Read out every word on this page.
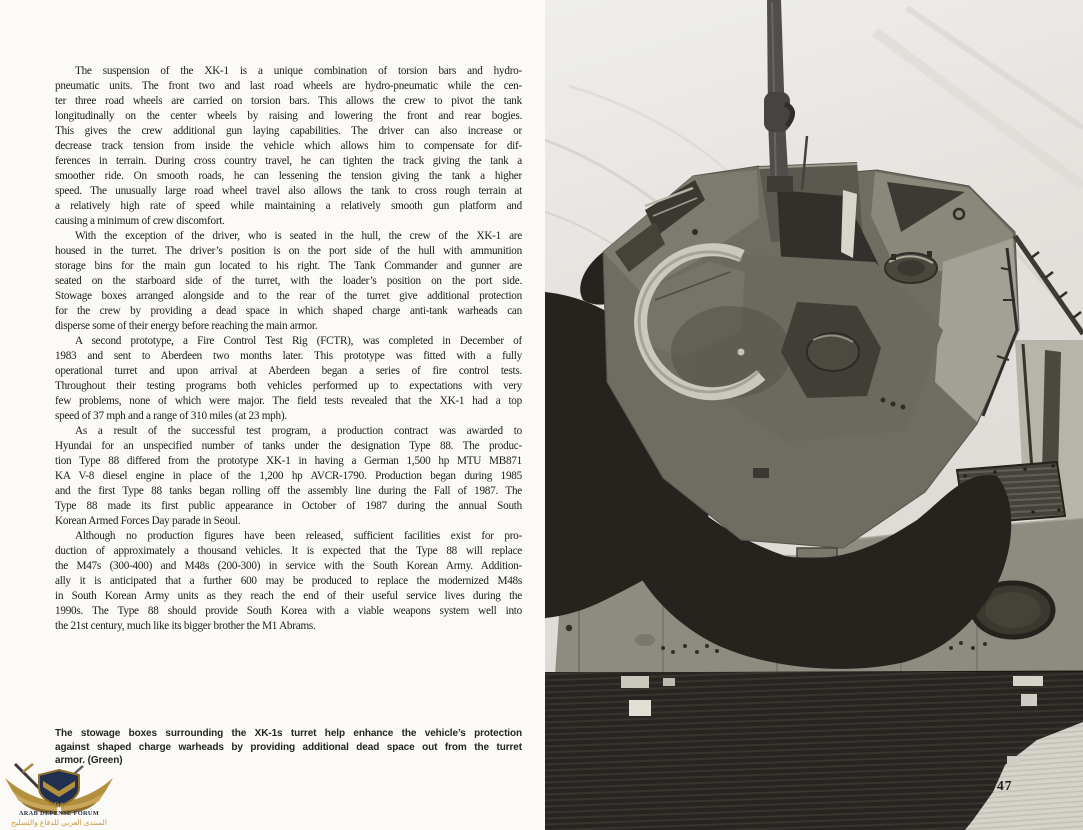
The suspension of the XK-1 is a unique combination of torsion bars and hydro-
pneumatic units. The front two and last road wheels are hydro-pneumatic while the cen-
ter three road wheels are carried on torsion bars. This allows the crew to pivot the tank
longitudinally on the center wheels by raising and lowering the front and rear bogies.
This gives the crew additional gun laying capabilities. The driver can also increase or
decrease track tension from inside the vehicle which allows him to compensate for dif-
ferences in terrain. During cross country travel, he can tighten the track giving the tank a
smoother ride. On smooth roads, he can lessening the tension giving the tank a higher
speed. The unusually large road wheel travel also allows the tank to cross rough terrain at
a relatively high rate of speed while maintaining a relatively smooth gun platform and
causing a minimum of crew discomfort.
With the exception of the driver, who is seated in the hull, the crew of the XK-1 are
housed in the turret. The driver’s position is on the port side of the hull with ammunition
storage bins for the main gun located to his right. The Tank Commander and gunner are
seated on the starboard side of the turret, with the loader’s position on the port side.
Stowage boxes arranged alongside and to the rear of the turret give additional protection
for the crew by providing a dead space in which shaped charge anti-tank warheads can
disperse some of their energy before reaching the main armor.
A second prototype, a Fire Control Test Rig (FCTR), was completed in December of
1983 and sent to Aberdeen two months later. This prototype was fitted with a fully
operational turret and upon arrival at Aberdeen began a series of fire control tests.
Throughout their testing programs both vehicles performed up to expectations with very
few problems, none of which were major. The field tests revealed that the XK-1 had a top
speed of 37 mph and a range of 310 miles (at 23 mph).
As a result of the successful test program, a production contract was awarded to
Hyundai for an unspecified number of tanks under the designation Type 88. The produc-
tion Type 88 differed from the prototype XK-1 in having a German 1,500 hp MTU MB871
KA V-8 diesel engine in place of the 1,200 hp AVCR-1790. Production began during 1985
and the first Type 88 tanks began rolling off the assembly line during the Fall of 1987. The
Type 88 made its first public appearance in October of 1987 during the annual South
Korean Armed Forces Day parade in Seoul.
Although no production figures have been released, sufficient facilities exist for pro-
duction of approximately a thousand vehicles. It is expected that the Type 88 will replace
the M47s (300-400) and M48s (200-300) in service with the South Korean Army. Addition-
ally it is anticipated that a further 600 may be produced to replace the modernized M48s
in South Korean Army units as they reach the end of their useful service lives during the
1990s. The Type 88 should provide South Korea with a viable weapons system well into
the 21st century, much like its bigger brother the M1 Abrams.
The stowage boxes surrounding the XK-1s turret help enhance the vehicle’s protection
against shaped charge warheads by providing additional dead space out from the turret
armor. (Green)
47
DA
ARAB DEFENSE FORUM
المنتدى العربي للدفاع والتسليح
